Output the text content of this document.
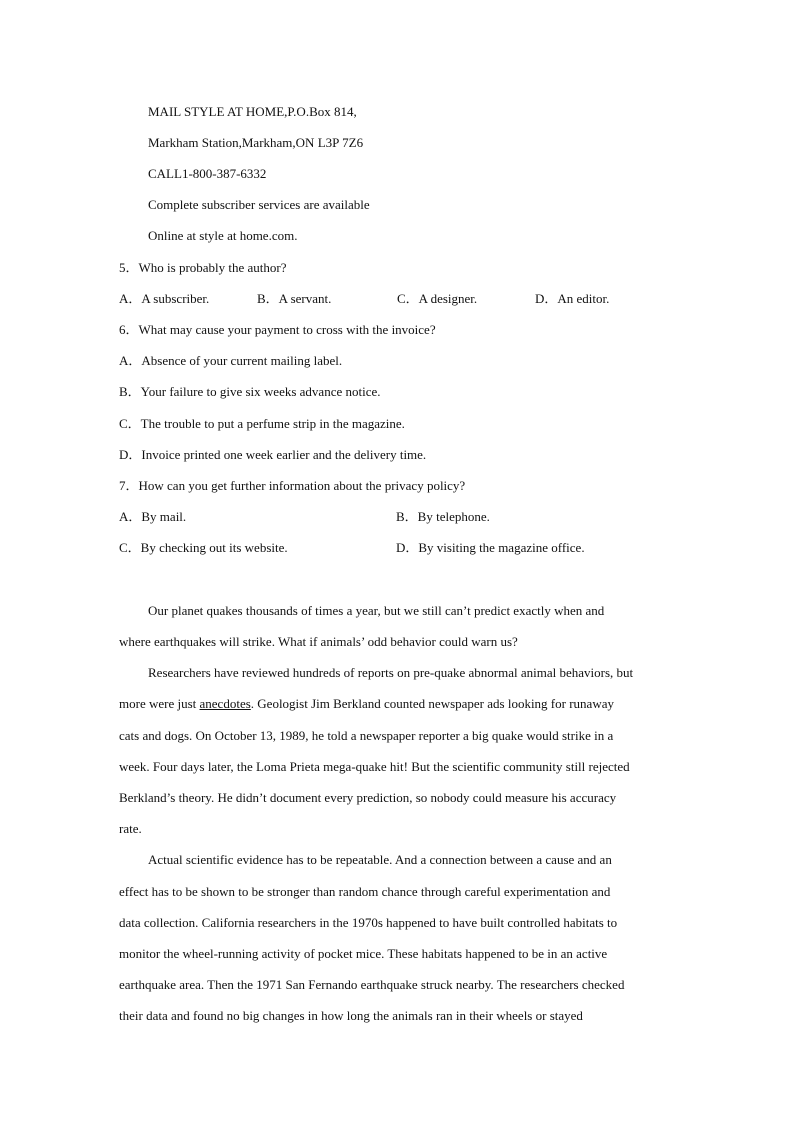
MAIL STYLE AT HOME,P.O.Box 814,
Markham Station,Markham,ON L3P 7Z6
CALL1-800-387-6332
Complete subscriber services are available
Online at style at home.com.
5．Who is probably the author?
A．A subscriber.	B．A servant.	C．A designer.	D．An editor.
6．What may cause your payment to cross with the invoice?
A．Absence of your current mailing label.
B．Your failure to give six weeks advance notice.
C．The trouble to put a perfume strip in the magazine.
D．Invoice printed one week earlier and the delivery time.
7．How can you get further information about the privacy policy?
A．By mail.	B．By telephone.
C．By checking out its website.	D．By visiting the magazine office.
Our planet quakes thousands of times a year, but we still can’t predict exactly when and
where earthquakes will strike. What if animals’ odd behavior could warn us?
Researchers have reviewed hundreds of reports on pre-quake abnormal animal behaviors, but
more were just anecdotes. Geologist Jim Berkland counted newspaper ads looking for runaway
cats and dogs. On October 13, 1989, he told a newspaper reporter a big quake would strike in a
week. Four days later, the Loma Prieta mega-quake hit! But the scientific community still rejected
Berkland’s theory. He didn’t document every prediction, so nobody could measure his accuracy
rate.
Actual scientific evidence has to be repeatable. And a connection between a cause and an
effect has to be shown to be stronger than random chance through careful experimentation and
data collection. California researchers in the 1970s happened to have built controlled habitats to
monitor the wheel-running activity of pocket mice. These habitats happened to be in an active
earthquake area. Then the 1971 San Fernando earthquake struck nearby. The researchers checked
their data and found no big changes in how long the animals ran in their wheels or stayed
